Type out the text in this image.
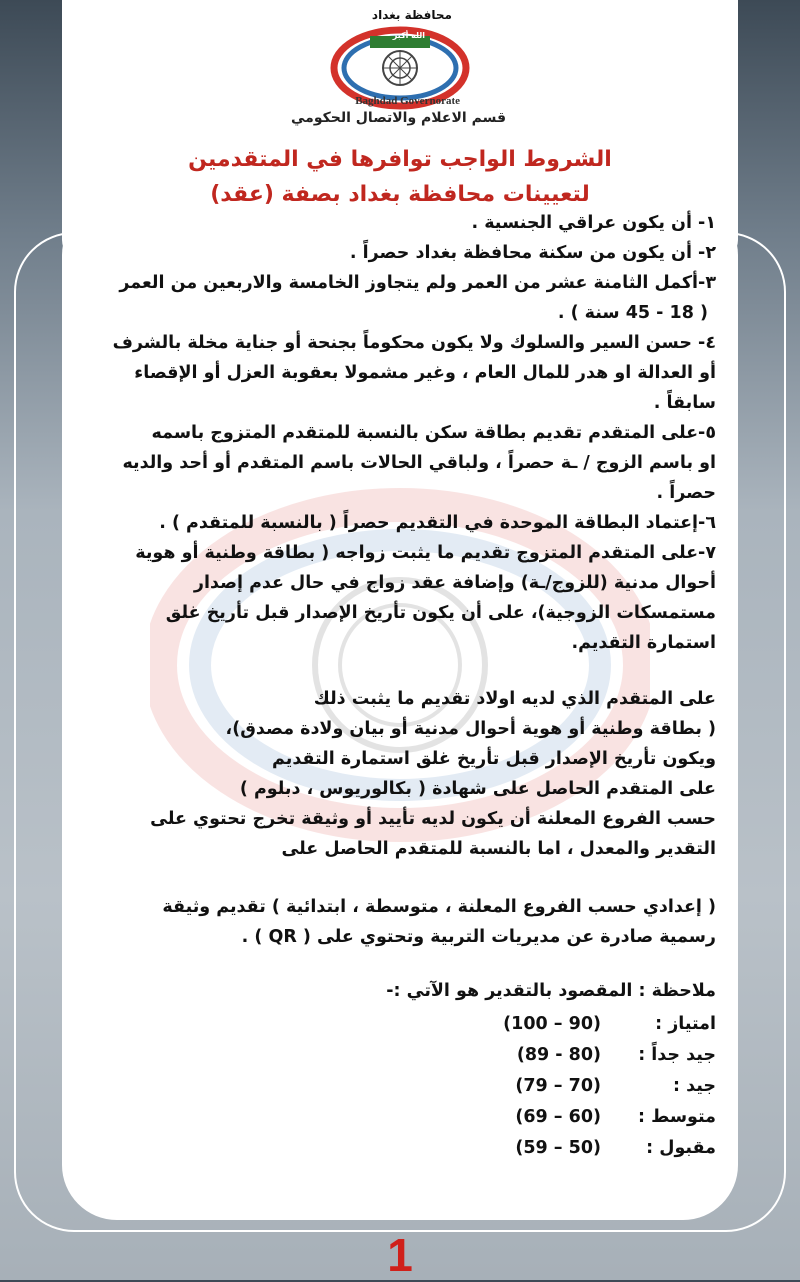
محافظة بغداد
الله أكبر
Baghdad Governorate
قسم الاعلام والاتصال الحكومي
الشروط الواجب توافرها في المتقدمين
لتعيينات محافظة بغداد بصفة (عقد)

١- أن يكون عراقي الجنسية .

٢- أن يكون من سكنة محافظة بغداد حصراً .

٣-أكمل الثامنة عشر من العمر ولم يتجاوز الخامسة والاربعين من العمر

( 18 - 45 سنة ) .

٤- حسن السير والسلوك ولا يكون محكوماً بجنحة أو جناية مخلة بالشرف

أو العدالة او هدر للمال العام ، وغير مشمولا بعقوبة العزل أو الإقصاء

سابقاً .

٥-على المتقدم تقديم بطاقة سكن بالنسبة للمتقدم المتزوج باسمه

او باسم الزوج / ـة حصراً ، ولباقي الحالات باسم المتقدم أو أحد والديه

حصراً .

٦-إعتماد البطاقة الموحدة في التقديم حصراً ( بالنسبة للمتقدم ) .

٧-على المتقدم المتزوج تقديم ما يثبت زواجه ( بطاقة وطنية أو هوية

أحوال مدنية (للزوج/ـة) وإضافة عقد زواج في حال عدم إصدار

مستمسكات الزوجية)، على أن يكون تأريخ الإصدار قبل تأريخ غلق

استمارة التقديم.

على المتقدم الذي لديه اولاد تقديم ما يثبت ذلك

( بطاقة وطنية أو هوية أحوال مدنية أو بيان ولادة مصدق)،

ويكون تأريخ الإصدار قبل تأريخ غلق استمارة التقديم

على المتقدم الحاصل على شهادة ( بكالوريوس ، دبلوم )

حسب الفروع المعلنة أن يكون لديه تأييد أو وثيقة تخرج تحتوي على

التقدير والمعدل ، اما بالنسبة للمتقدم الحاصل على

( إعدادي حسب الفروع المعلنة ، متوسطة ، ابتدائية ) تقديم وثيقة

رسمية صادرة عن مديريات التربية وتحتوي على ( QR ) .

ملاحظة : المقصود بالتقدير هو الآتي :-

امتياز :
(90 – 100)
جيد جداً :
(80 - 89)
جيد :
(70 – 79)
متوسط :
(60 – 69)
مقبول :
(50 – 59)
1
